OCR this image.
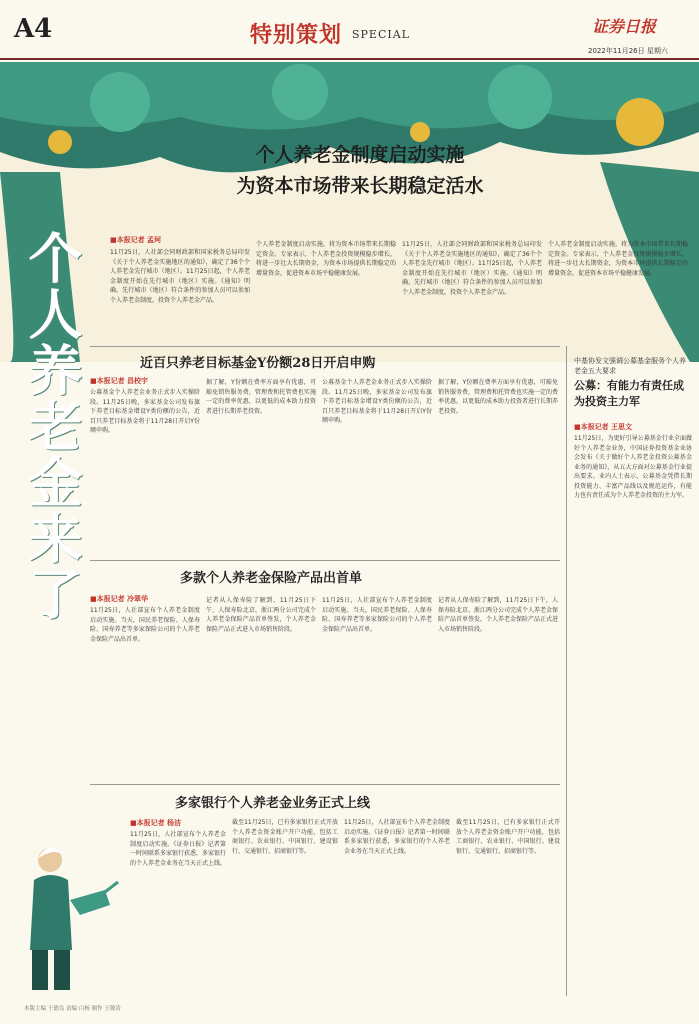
A4	特别策划 SPECIAL	证券日报
2022年11月26日 星期六
个人养老金制度启动实施
为资本市场带来长期稳定活水
个人养老金来了	■本报记者 孟珂
11月25日，人社部会同财政部和国家税务总局印发《关于个人养老金实施地区的通知》，确定了36个个人养老金先行城市（地区）。11月25日起，个人养老金制度开始在先行城市（地区）实施。《通知》明确，先行城市（地区）符合条件的参加人员可以参加个人养老金制度，投资个人养老金产品。
个人养老金制度启动实施，将为资本市场带来长期稳定资金。专家表示，个人养老金投资规模稳步增长，将进一步壮大长期资金，为资本市场提供长期稳定的增量资金，促进资本市场平稳健康发展。
11月25日，人社部会同财政部和国家税务总局印发《关于个人养老金实施地区的通知》，确定了36个个人养老金先行城市（地区）。11月25日起，个人养老金制度开始在先行城市（地区）实施。《通知》明确，先行城市（地区）符合条件的参加人员可以参加个人养老金制度，投资个人养老金产品。
个人养老金制度启动实施，将为资本市场带来长期稳定资金。专家表示，个人养老金投资规模稳步增长，将进一步壮大长期资金，为资本市场提供长期稳定的增量资金，促进资本市场平稳健康发展。
近百只养老目标基金Y份额28日开启申购
■本报记者 昌校宇
公募基金个人养老金业务正式步入实操阶段。11月25日晚，多家基金公司发布旗下养老目标基金增设Y类份额的公告，近百只养老目标基金将于11月28日开启Y份额申购。
据了解，Y份额在费率方面享有优惠，可豁免销售服务费，管理费和托管费也实施一定的费率优惠，以更低的成本助力投资者进行长期养老投资。
公募基金个人养老金业务正式步入实操阶段。11月25日晚，多家基金公司发布旗下养老目标基金增设Y类份额的公告，近百只养老目标基金将于11月28日开启Y份额申购。
据了解，Y份额在费率方面享有优惠，可豁免销售服务费，管理费和托管费也实施一定的费率优惠，以更低的成本助力投资者进行长期养老投资。
中基协发文强调公募基金服务个人养老金五大要求
公募：有能力有责任成为投资主力军
■本报记者 王思文
11月25日，为更好引导公募基金行业全面做好个人养老金业务，中国证券投资基金业协会发布《关于做好个人养老金投资公募基金业务的通知》，从五大方面对公募基金行业提出要求。业内人士表示，公募基金凭借长期投资能力、丰富产品线以及规范运作，有能力也有责任成为个人养老金投资的主力军。
多款个人养老金保险产品出首单
■本报记者 冷翠华
11月25日，人社部宣布个人养老金制度启动实施。当天，国民养老保险、人保寿险、国寿养老等多家保险公司的个人养老金保险产品出首单。
记者从人保寿险了解到，11月25日下午，人保寿险北京、浙江两分公司完成个人养老金保险产品首单签发，个人养老金保险产品正式进入市场销售阶段。
11月25日，人社部宣布个人养老金制度启动实施。当天，国民养老保险、人保寿险、国寿养老等多家保险公司的个人养老金保险产品出首单。
记者从人保寿险了解到，11月25日下午，人保寿险北京、浙江两分公司完成个人养老金保险产品首单签发，个人养老金保险产品正式进入市场销售阶段。
多家银行个人养老金业务正式上线
■本报记者 杨洁
11月25日，人社部宣布个人养老金制度启动实施。《证券日报》记者第一时间联系多家银行获悉，多家银行的个人养老金业务在当天正式上线。
截至11月25日，已有多家银行正式开放个人养老金资金账户开户功能，包括工商银行、农业银行、中国银行、建设银行、交通银行、招商银行等。
11月25日，人社部宣布个人养老金制度启动实施。《证券日报》记者第一时间联系多家银行获悉，多家银行的个人养老金业务在当天正式上线。
截至11月25日，已有多家银行正式开放个人养老金资金账户开户功能，包括工商银行、农业银行、中国银行、建设银行、交通银行、招商银行等。
本版主编 于德良 责编 白杨 制作 王敬涛
